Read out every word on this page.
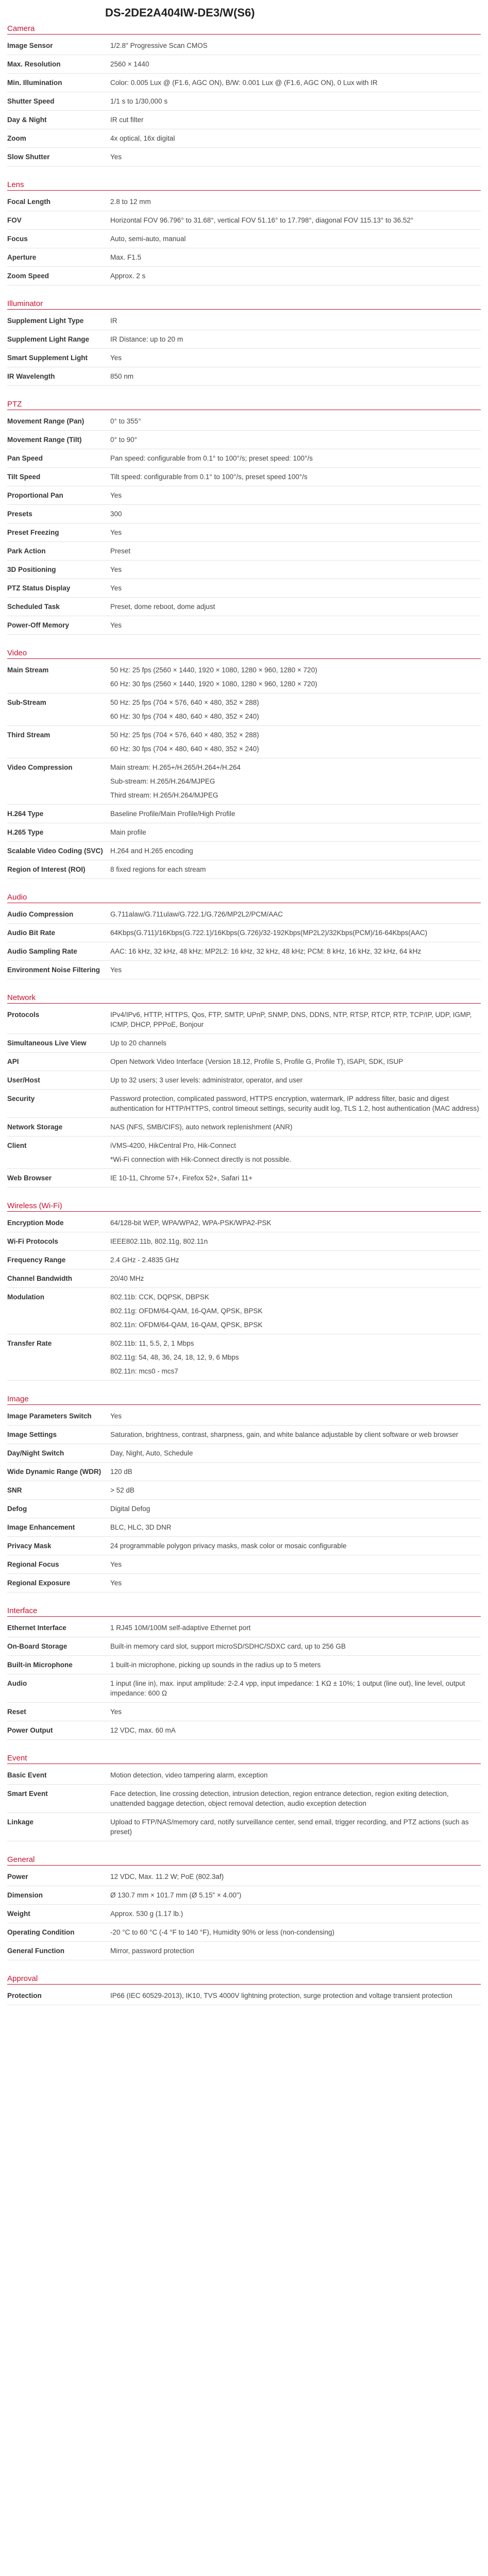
DS-2DE2A404IW-DE3/W(S6)
Camera
Image Sensor	1/2.8" Progressive Scan CMOS
Max. Resolution	2560 × 1440
Min. Illumination	Color: 0.005 Lux @ (F1.6, AGC ON), B/W: 0.001 Lux @ (F1.6, AGC ON), 0 Lux with IR
Shutter Speed	1/1 s to 1/30,000 s
Day & Night	IR cut filter
Zoom	4x optical, 16x digital
Slow Shutter	Yes
Lens
Focal Length	2.8 to 12 mm
FOV	Horizontal FOV 96.796° to 31.68°, vertical FOV 51.16° to 17.798°, diagonal FOV 115.13° to 36.52°
Focus	Auto, semi-auto, manual
Aperture	Max. F1.5
Zoom Speed	Approx. 2 s
Illuminator
Supplement Light Type	IR
Supplement Light Range	IR Distance: up to 20 m
Smart Supplement Light	Yes
IR Wavelength	850 nm
PTZ
Movement Range (Pan)	0° to 355°
Movement Range (Tilt)	0° to 90°
Pan Speed	Pan speed: configurable from 0.1° to 100°/s; preset speed: 100°/s
Tilt Speed	Tilt speed: configurable from 0.1° to 100°/s, preset speed 100°/s
Proportional Pan	Yes
Presets	300
Preset Freezing	Yes
Park Action	Preset
3D Positioning	Yes
PTZ Status Display	Yes
Scheduled Task	Preset, dome reboot, dome adjust
Power-Off Memory	Yes
Video
Main Stream	50 Hz: 25 fps (2560 × 1440, 1920 × 1080, 1280 × 960, 1280 × 720)
60 Hz: 30 fps (2560 × 1440, 1920 × 1080, 1280 × 960, 1280 × 720)
Sub-Stream	50 Hz: 25 fps (704 × 576, 640 × 480, 352 × 288)
60 Hz: 30 fps (704 × 480, 640 × 480, 352 × 240)
Third Stream	50 Hz: 25 fps (704 × 576, 640 × 480, 352 × 288)
60 Hz: 30 fps (704 × 480, 640 × 480, 352 × 240)
Video Compression	Main stream: H.265+/H.265/H.264+/H.264
Sub-stream: H.265/H.264/MJPEG
Third stream: H.265/H.264/MJPEG
H.264 Type	Baseline Profile/Main Profile/High Profile
H.265 Type	Main profile
Scalable Video Coding (SVC)	H.264 and H.265 encoding
Region of Interest (ROI)	8 fixed regions for each stream
Audio
Audio Compression	G.711alaw/G.711ulaw/G.722.1/G.726/MP2L2/PCM/AAC
Audio Bit Rate	64Kbps(G.711)/16Kbps(G.722.1)/16Kbps(G.726)/32-192Kbps(MP2L2)/32Kbps(PCM)/16-64Kbps(AAC)
Audio Sampling Rate	AAC: 16 kHz, 32 kHz, 48 kHz; MP2L2: 16 kHz, 32 kHz, 48 kHz; PCM: 8 kHz, 16 kHz, 32 kHz, 64 kHz
Environment Noise Filtering	Yes
Network
Protocols	IPv4/IPv6, HTTP, HTTPS, Qos, FTP, SMTP, UPnP, SNMP, DNS, DDNS, NTP, RTSP, RTCP, RTP, TCP/IP, UDP, IGMP, ICMP, DHCP, PPPoE, Bonjour
Simultaneous Live View	Up to 20 channels
API	Open Network Video Interface (Version 18.12, Profile S, Profile G, Profile T), ISAPI, SDK, ISUP
User/Host	Up to 32 users; 3 user levels: administrator, operator, and user
Security	Password protection, complicated password, HTTPS encryption, watermark, IP address filter, basic and digest authentication for HTTP/HTTPS, control timeout settings, security audit log, TLS 1.2, host authentication (MAC address)
Network Storage	NAS (NFS, SMB/CIFS), auto network replenishment (ANR)
Client	iVMS-4200, HikCentral Pro, Hik-Connect
*Wi-Fi connection with Hik-Connect directly is not possible.
Web Browser	IE 10-11, Chrome 57+, Firefox 52+, Safari 11+
Wireless (Wi-Fi)
Encryption Mode	64/128-bit WEP, WPA/WPA2, WPA-PSK/WPA2-PSK
Wi-Fi Protocols	IEEE802.11b, 802.11g, 802.11n
Frequency Range	2.4 GHz - 2.4835 GHz
Channel Bandwidth	20/40 MHz
Modulation	802.11b: CCK, DQPSK, DBPSK
802.11g: OFDM/64-QAM, 16-QAM, QPSK, BPSK
802.11n: OFDM/64-QAM, 16-QAM, QPSK, BPSK
Transfer Rate	802.11b: 11, 5.5, 2, 1 Mbps
802.11g: 54, 48, 36, 24, 18, 12, 9, 6 Mbps
802.11n: mcs0 - mcs7
Image
Image Parameters Switch	Yes
Image Settings	Saturation, brightness, contrast, sharpness, gain, and white balance adjustable by client software or web browser
Day/Night Switch	Day, Night, Auto, Schedule
Wide Dynamic Range (WDR)	120 dB
SNR	> 52 dB
Defog	Digital Defog
Image Enhancement	BLC, HLC, 3D DNR
Privacy Mask	24 programmable polygon privacy masks, mask color or mosaic configurable
Regional Focus	Yes
Regional Exposure	Yes
Interface
Ethernet Interface	1 RJ45 10M/100M self-adaptive Ethernet port
On-Board Storage	Built-in memory card slot, support microSD/SDHC/SDXC card, up to 256 GB
Built-in Microphone	1 built-in microphone, picking up sounds in the radius up to 5 meters
Audio	1 input (line in), max. input amplitude: 2-2.4 vpp, input impedance: 1 KΩ ± 10%; 1 output (line out), line level, output impedance: 600 Ω
Reset	Yes
Power Output	12 VDC, max. 60 mA
Event
Basic Event	Motion detection, video tampering alarm, exception
Smart Event	Face detection, line crossing detection, intrusion detection, region entrance detection, region exiting detection, unattended baggage detection, object removal detection, audio exception detection
Linkage	Upload to FTP/NAS/memory card, notify surveillance center, send email, trigger recording, and PTZ actions (such as preset)
General
Power	12 VDC, Max. 11.2 W; PoE (802.3af)
Dimension	Ø 130.7 mm × 101.7 mm (Ø 5.15" × 4.00")
Weight	Approx. 530 g (1.17 lb.)
Operating Condition	-20 °C to 60 °C (-4 °F to 140 °F), Humidity 90% or less (non-condensing)
General Function	Mirror, password protection
Approval
Protection	IP66 (IEC 60529-2013), IK10, TVS 4000V lightning protection, surge protection and voltage transient protection
